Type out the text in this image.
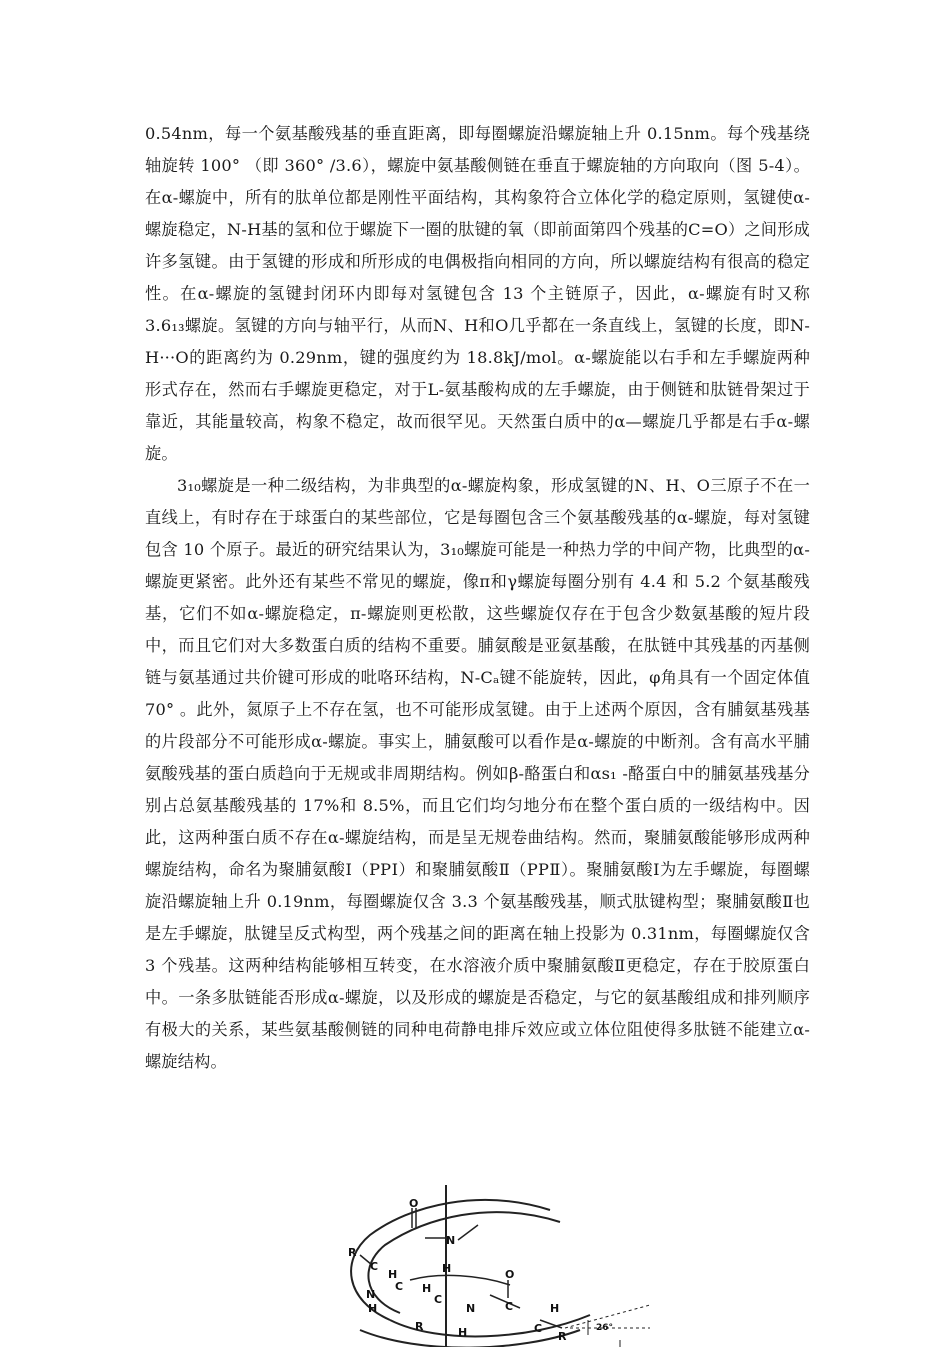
0.54nm，每一个氨基酸残基的垂直距离，即每圈螺旋沿螺旋轴上升 0.15nm。每个残基绕轴旋转 100° （即 360° /3.6），螺旋中氨基酸侧链在垂直于螺旋轴的方向取向（图 5-4）。在α-螺旋中，所有的肽单位都是刚性平面结构，其构象符合立体化学的稳定原则，氢键使α-螺旋稳定，N-H基的氢和位于螺旋下一圈的肽键的氧（即前面第四个残基的C=O）之间形成许多氢键。由于氢键的形成和所形成的电偶极指向相同的方向，所以螺旋结构有很高的稳定性。在α-螺旋的氢键封闭环内即每对氢键包含 13 个主链原子，因此，α-螺旋有时又称 3.6₁₃螺旋。氢键的方向与轴平行，从而N、H和O几乎都在一条直线上，氢键的长度，即N-H···O的距离约为 0.29nm，键的强度约为 18.8kJ/mol。α-螺旋能以右手和左手螺旋两种形式存在，然而右手螺旋更稳定，对于L-氨基酸构成的左手螺旋，由于侧链和肽链骨架过于靠近，其能量较高，构象不稳定，故而很罕见。天然蛋白质中的α—螺旋几乎都是右手α-螺旋。

3₁₀螺旋是一种二级结构，为非典型的α-螺旋构象，形成氢键的N、H、O三原子不在一直线上，有时存在于球蛋白的某些部位，它是每圈包含三个氨基酸残基的α-螺旋，每对氢键包含 10 个原子。最近的研究结果认为，3₁₀螺旋可能是一种热力学的中间产物，比典型的α-螺旋更紧密。此外还有某些不常见的螺旋，像π和γ螺旋每圈分别有 4.4 和 5.2 个氨基酸残基，它们不如α-螺旋稳定，π-螺旋则更松散，这些螺旋仅存在于包含少数氨基酸的短片段中，而且它们对大多数蛋白质的结构不重要。脯氨酸是亚氨基酸，在肽链中其残基的丙基侧链与氨基通过共价键可形成的吡咯环结构，N-Cₐ键不能旋转，因此，φ角具有一个固定体值 70° 。此外，氮原子上不存在氢，也不可能形成氢键。由于上述两个原因，含有脯氨基残基的片段部分不可能形成α-螺旋。事实上，脯氨酸可以看作是α-螺旋的中断剂。含有高水平脯氨酸残基的蛋白质趋向于无规或非周期结构。例如β-酪蛋白和αs₁ -酪蛋白中的脯氨基残基分别占总氨基酸残基的 17%和 8.5%，而且它们均匀地分布在整个蛋白质的一级结构中。因此，这两种蛋白质不存在α-螺旋结构，而是呈无规卷曲结构。然而，聚脯氨酸能够形成两种螺旋结构，命名为聚脯氨酸I（PPⅠ）和聚脯氨酸Ⅱ（PPⅡ）。聚脯氨酸I为左手螺旋，每圈螺旋沿螺旋轴上升 0.19nm，每圈螺旋仅含 3.3 个氨基酸残基，顺式肽键构型；聚脯氨酸Ⅱ也是左手螺旋，肽键呈反式构型，两个残基之间的距离在轴上投影为 0.31nm，每圈螺旋仅含 3 个残基。这两种结构能够相互转变，在水溶液介质中聚脯氨酸Ⅱ更稳定，存在于胶原蛋白中。一条多肽链能否形成α-螺旋，以及形成的螺旋是否稳定，与它的氨基酸组成和排列顺序有极大的关系，某些氨基酸侧链的同种电荷静电排斥效应或立体位阻使得多肽链不能建立α-螺旋结构。

O
N
R
C
H	H
C
N
H
C
H
O
C
N
R	H
H
C
R
26°
